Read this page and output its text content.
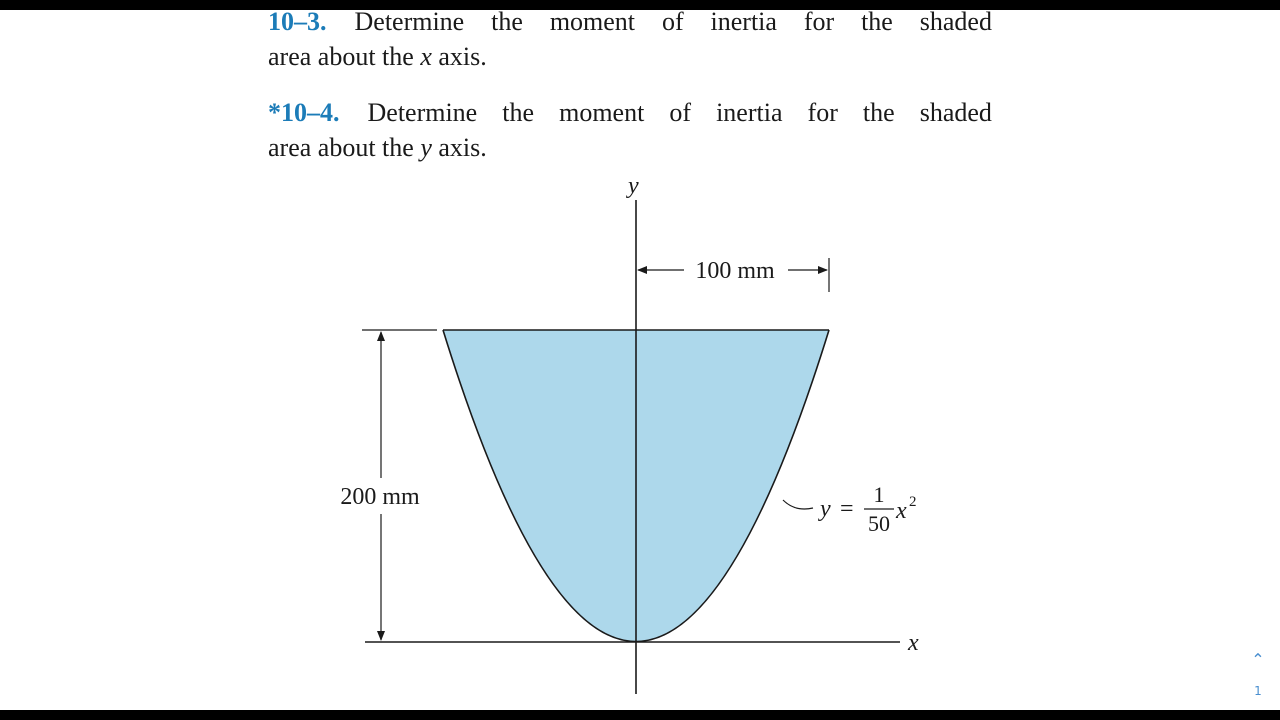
10–3. Determine the moment of inertia for the shaded
area about the x axis.
*10–4. Determine the moment of inertia for the shaded
area about the y axis.
y
x
100 mm
200 mm	y =
1
50 x 2
⌃
1
